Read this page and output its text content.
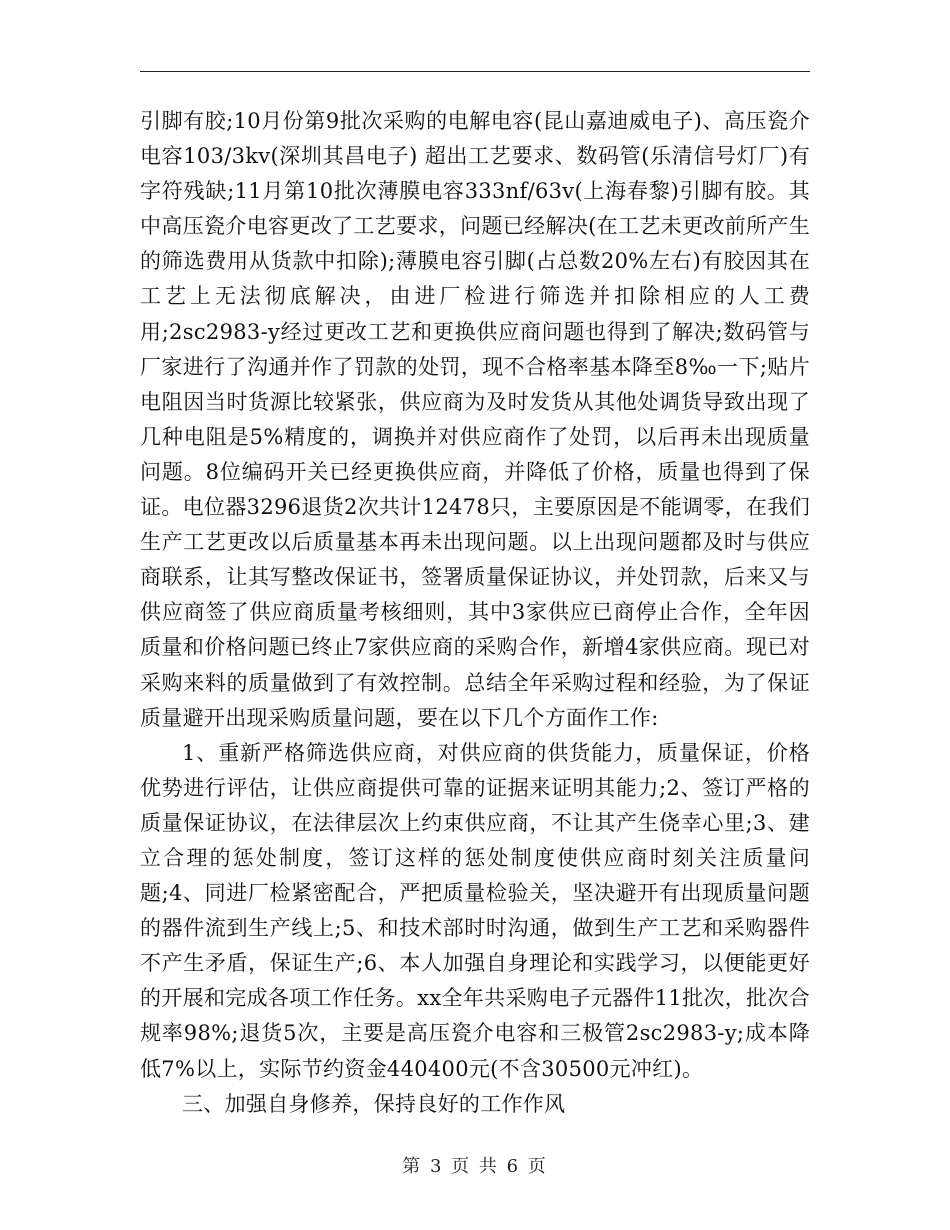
引脚有胶;10月份第9批次采购的电解电容(昆山嘉迪威电子)、高压瓷介电容103/3kv(深圳其昌电子) 超出工艺要求、数码管(乐清信号灯厂)有字符残缺;11月第10批次薄膜电容333nf/63v(上海春黎)引脚有胶。其中高压瓷介电容更改了工艺要求，问题已经解决(在工艺未更改前所产生的筛选费用从货款中扣除);薄膜电容引脚(占总数20%左右)有胶因其在工艺上无法彻底解决，由进厂检进行筛选并扣除相应的人工费用;2sc2983-y经过更改工艺和更换供应商问题也得到了解决;数码管与厂家进行了沟通并作了罚款的处罚，现不合格率基本降至8‰一下;贴片电阻因当时货源比较紧张，供应商为及时发货从其他处调货导致出现了几种电阻是5%精度的，调换并对供应商作了处罚，以后再未出现质量问题。8位编码开关已经更换供应商，并降低了价格，质量也得到了保证。电位器3296退货2次共计12478只，主要原因是不能调零，在我们生产工艺更改以后质量基本再未出现问题。以上出现问题都及时与供应商联系，让其写整改保证书，签署质量保证协议，并处罚款，后来又与供应商签了供应商质量考核细则，其中3家供应已商停止合作，全年因质量和价格问题已终止7家供应商的采购合作，新增4家供应商。现已对采购来料的质量做到了有效控制。总结全年采购过程和经验，为了保证质量避开出现采购质量问题，要在以下几个方面作工作:

1、重新严格筛选供应商，对供应商的供货能力，质量保证，价格优势进行评估，让供应商提供可靠的证据来证明其能力;2、签订严格的质量保证协议，在法律层次上约束供应商，不让其产生侥幸心里;3、建立合理的惩处制度，签订这样的惩处制度使供应商时刻关注质量问题;4、同进厂检紧密配合，严把质量检验关，坚决避开有出现质量问题的器件流到生产线上;5、和技术部时时沟通，做到生产工艺和采购器件不产生矛盾，保证生产;6、本人加强自身理论和实践学习，以便能更好的开展和完成各项工作任务。xx全年共采购电子元器件11批次，批次合规率98%;退货5次，主要是高压瓷介电容和三极管2sc2983-y;成本降低7%以上，实际节约资金440400元(不含30500元冲红)。

三、加强自身修养，保持良好的工作作风

第 3 页 共 6 页
